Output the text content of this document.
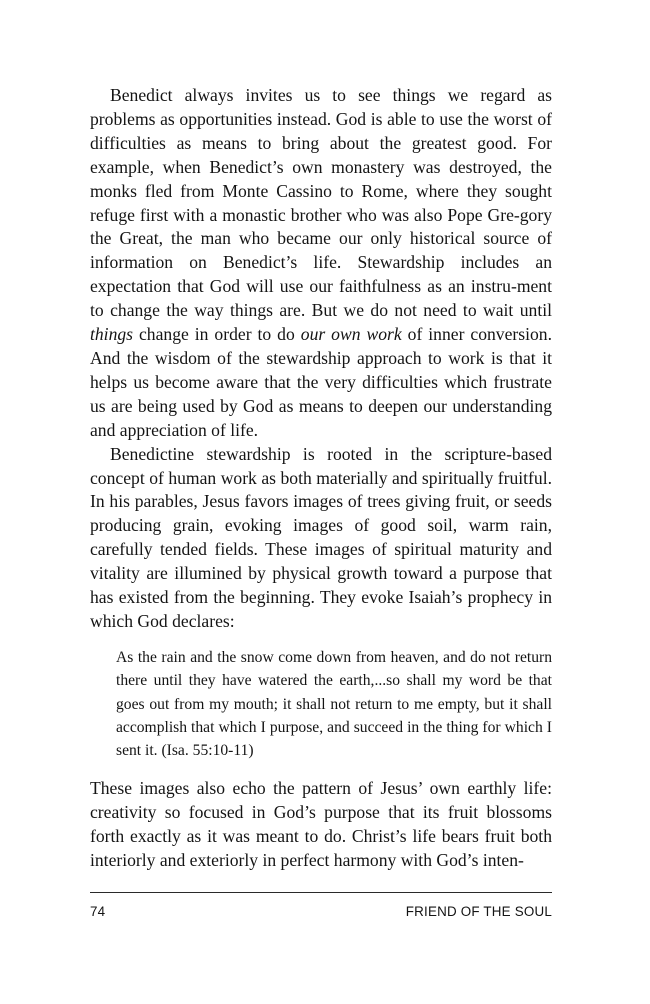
Benedict always invites us to see things we regard as problems as opportunities instead. God is able to use the worst of difficulties as means to bring about the greatest good. For example, when Benedict’s own monastery was destroyed, the monks fled from Monte Cassino to Rome, where they sought refuge first with a monastic brother who was also Pope Gre-gory the Great, the man who became our only historical source of information on Benedict’s life. Stewardship includes an expectation that God will use our faithfulness as an instru-ment to change the way things are. But we do not need to wait until things change in order to do our own work of inner conversion. And the wisdom of the stewardship approach to work is that it helps us become aware that the very difficulties which frustrate us are being used by God as means to deepen our understanding and appreciation of life.

Benedictine stewardship is rooted in the scripture-based concept of human work as both materially and spiritually fruitful. In his parables, Jesus favors images of trees giving fruit, or seeds producing grain, evoking images of good soil, warm rain, carefully tended fields. These images of spiritual maturity and vitality are illumined by physical growth toward a purpose that has existed from the beginning. They evoke Isaiah’s prophecy in which God declares:

As the rain and the snow come down from heaven, and do not return there until they have watered the earth,...so shall my word be that goes out from my mouth; it shall not return to me empty, but it shall accomplish that which I purpose, and succeed in the thing for which I sent it. (Isa. 55:10-11)

These images also echo the pattern of Jesus’ own earthly life: creativity so focused in God’s purpose that its fruit blossoms forth exactly as it was meant to do. Christ’s life bears fruit both interiorly and exteriorly in perfect harmony with God’s inten-

74	FRIEND OF THE SOUL
